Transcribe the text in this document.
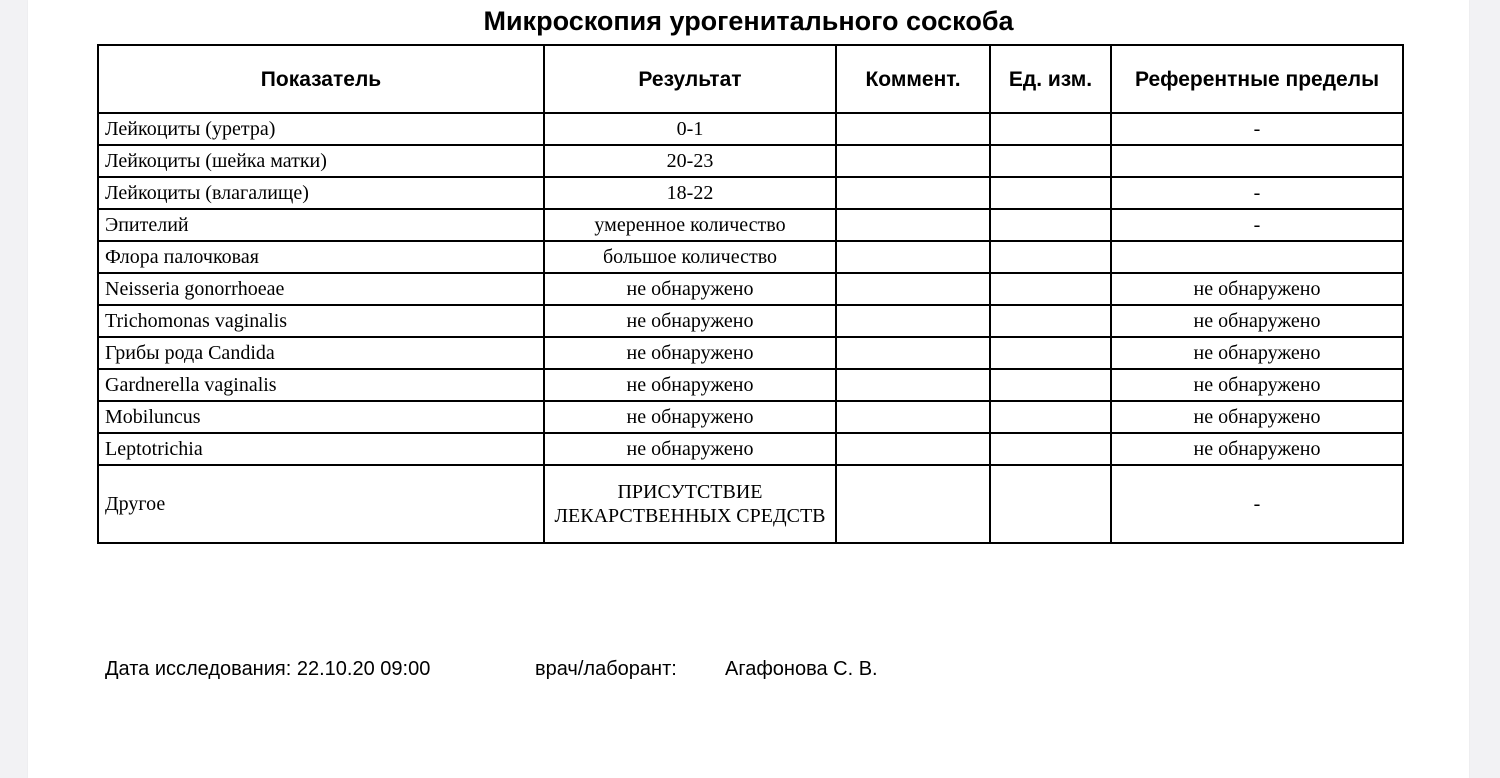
Микроскопия урогенитального соскоба
Показатель	Результат	Коммент.	Ед. изм.	Референтные пределы
Лейкоциты (уретра)	0-1			-
Лейкоциты (шейка матки)	20-23			
Лейкоциты (влагалище)	18-22			-
Эпителий	умеренное количество			-
Флора палочковая	большое количество			
Neisseria gonorrhoeae	не обнаружено			не обнаружено
Trichomonas vaginalis	не обнаружено			не обнаружено
Грибы рода Candida	не обнаружено			не обнаружено
Gardnerella vaginalis	не обнаружено			не обнаружено
Mobiluncus	не обнаружено			не обнаружено
Leptotrichia	не обнаружено			не обнаружено
Другое	ПРИСУТСТВИЕ ЛЕКАРСТВЕННЫХ СРЕДСТВ			-
Дата исследования: 22.10.20 09:00	врач/лаборант: Агафонова С. В.
